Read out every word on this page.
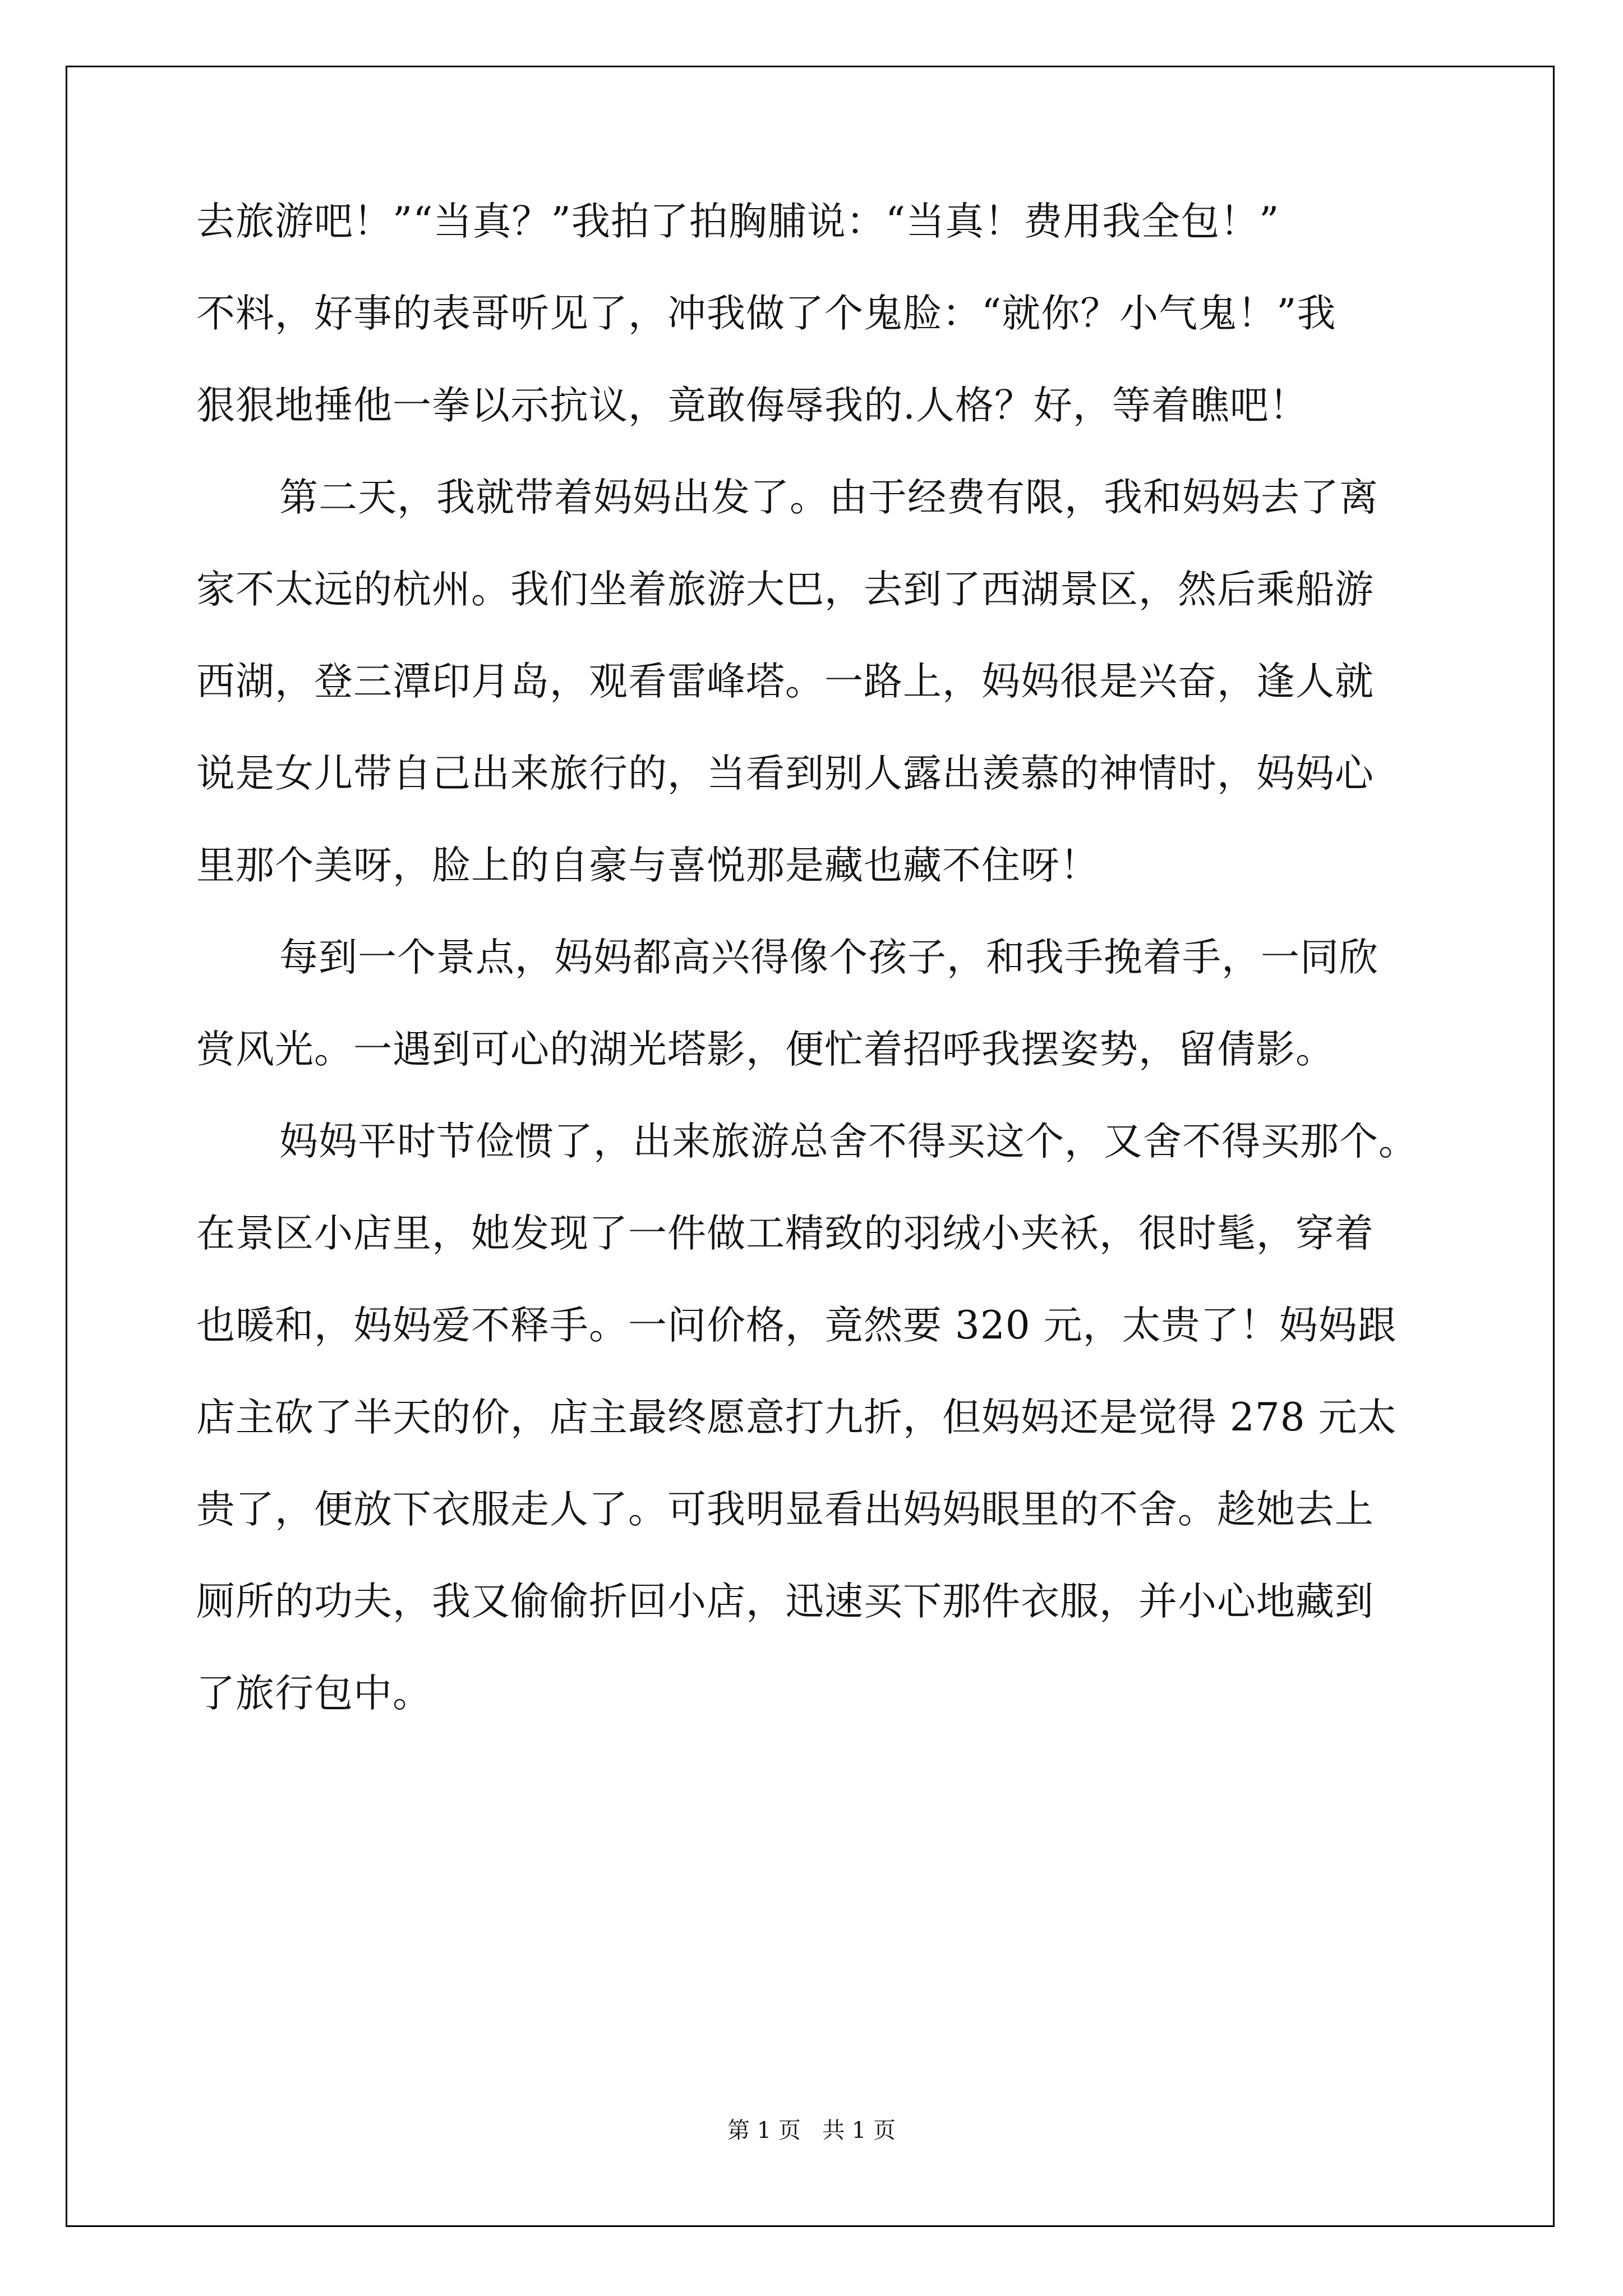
去旅游吧！”“当真？”我拍了拍胸脯说：“当真！费用我全包！”
不料，好事的表哥听见了，冲我做了个鬼脸：“就你？小气鬼！”我
狠狠地捶他一拳以示抗议，竟敢侮辱我的.人格？好，等着瞧吧！
第二天，我就带着妈妈出发了。由于经费有限，我和妈妈去了离
家不太远的杭州。我们坐着旅游大巴，去到了西湖景区，然后乘船游
西湖，登三潭印月岛，观看雷峰塔。一路上，妈妈很是兴奋，逢人就
说是女儿带自己出来旅行的，当看到别人露出羡慕的神情时，妈妈心
里那个美呀，脸上的自豪与喜悦那是藏也藏不住呀！
每到一个景点，妈妈都高兴得像个孩子，和我手挽着手，一同欣
赏风光。一遇到可心的湖光塔影，便忙着招呼我摆姿势，留倩影。
妈妈平时节俭惯了，出来旅游总舍不得买这个，又舍不得买那个。
在景区小店里，她发现了一件做工精致的羽绒小夹袄，很时髦，穿着
也暖和，妈妈爱不释手。一问价格，竟然要 320 元，太贵了！妈妈跟
店主砍了半天的价，店主最终愿意打九折，但妈妈还是觉得 278 元太
贵了，便放下衣服走人了。可我明显看出妈妈眼里的不舍。趁她去上
厕所的功夫，我又偷偷折回小店，迅速买下那件衣服，并小心地藏到
了旅行包中。
第 1 页   共 1 页
